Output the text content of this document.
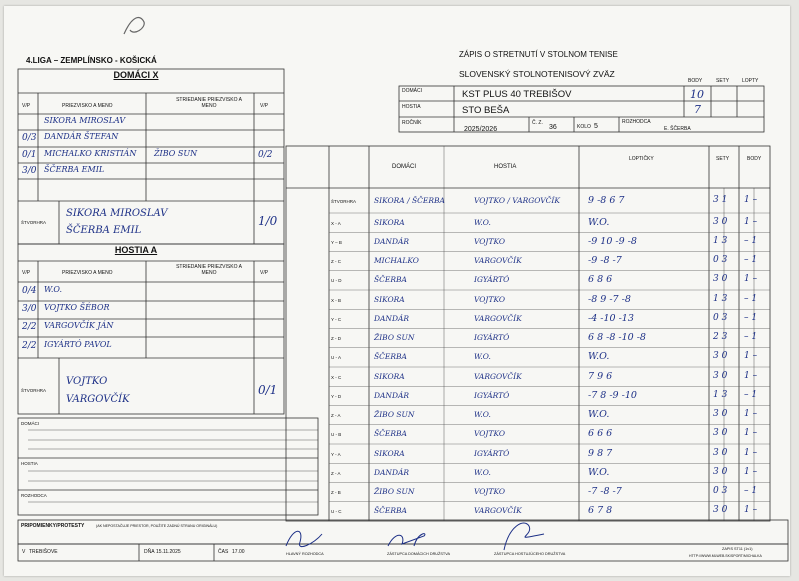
4.LIGA – ZEMPLÍNSKO - KOŠICKÁ
DOMÁCI X
V/P	PRIEZVISKO A MENO
STRIEDANIE PRIEZVISKO A MENO	V/P
SIKORA MIROSLAV
0/3 DANDÁR ŠTEFAN
0/1 MICHALKO KRISTIÁN ŽIBO SUN	0/2
3/0 ŠČERBA EMIL
ŠTVORHRA
SIKORA MIROSLAV
ŠČERBA EMIL
1/0
HOSTIA A
V/P	PRIEZVISKO A MENO
STRIEDANIE PRIEZVISKO A MENO	V/P
0/4 W.O.
3/0 VOJTKO ŠÉBOR
2/2 VARGOVČÍK JÁN
2/2 IGYÁRTÓ PAVOL
ŠTVORHRA
VOJTKO
VARGOVČÍK
0/1
DOMÁCI
HOSTIA
ROZHODCA
PRIPOMIENKY/PROTESTY	(AK NEPOSTAČUJE PRIESTOR, POUŽITE ZADNÚ STRANU ORIGINÁLU)
V TREBIŠOVE	DŇA 15.11.2025	ČAS 17.00	HLAVNÝ ROZHODCA	ZÁSTUPCA DOMÁCICH DRUŽSTVA	ZÁSTUPCA HOSTUJÚCEHO DRUŽSTVA
ZAPIS ST11 (1v1)
HTTP://WWW.MLWEB.SK/SPORT/MICHALKA
ZÁPIS O STRETNUTÍ V STOLNOM TENISE
SLOVENSKÝ STOLNOTENISOVÝ ZVÄZ
BODY	SETY	LOPTY
DOMÁCI	KST PLUS 40 TREBIŠOV	10
HOSTIA	STO BEŠA	7
ROČNÍK
2025/2026
Č. Z.
36	KOLO 5
ROZHODCA
E. ŠČERBA
DOMÁCI	HOSTIA
LOPTIČKY	SETY	BODY
ŠTVORHRA SIKORA / ŠČERBA	VOJTKO / VARGOVČÍK	9 -8 6 7	3 1 1 –
X - A	SIKORA	W.O.	W.O.	3 0 1 –
Y – B	DANDÁR	VOJTKO	-9 10 -9 -8	1 3 – 1
Z - C	MICHALKO	VARGOVČÍK	-9 -8 -7	0 3 – 1
U - D	ŠČERBA	IGYÁRTÓ	6 8 6	3 0 1 –
X - B	SIKORA	VOJTKO	-8 9 -7 -8	1 3 – 1
Y - C	DANDÁR	VARGOVČÍK	-4 -10 -13	0 3 – 1
Z - D	ŽIBO SUN	IGYÁRTÓ	6 8 -8 -10 -8	2 3 – 1
U - A	ŠČERBA	W.O.	W.O.	3 0 1 –
X - C	SIKORA	VARGOVČÍK	7 9 6	3 0 1 –
Y - D	DANDÁR	IGYÁRTÓ	-7 8 -9 -10	1 3 – 1
Z - A	ŽIBO SUN	W.O.	W.O.	3 0 1 –
U - B	ŠČERBA	VOJTKO	6 6 6	3 0 1 –
Y - A	SIKORA	IGYÁRTÓ	9 8 7	3 0 1 –
Z - A	DANDÁR	W.O.	W.O.	3 0 1 –
Z - B	ŽIBO SUN	VOJTKO	-7 -8 -7	0 3 – 1
U - C	ŠČERBA	VARGOVČÍK	6 7 8	3 0 1 –
